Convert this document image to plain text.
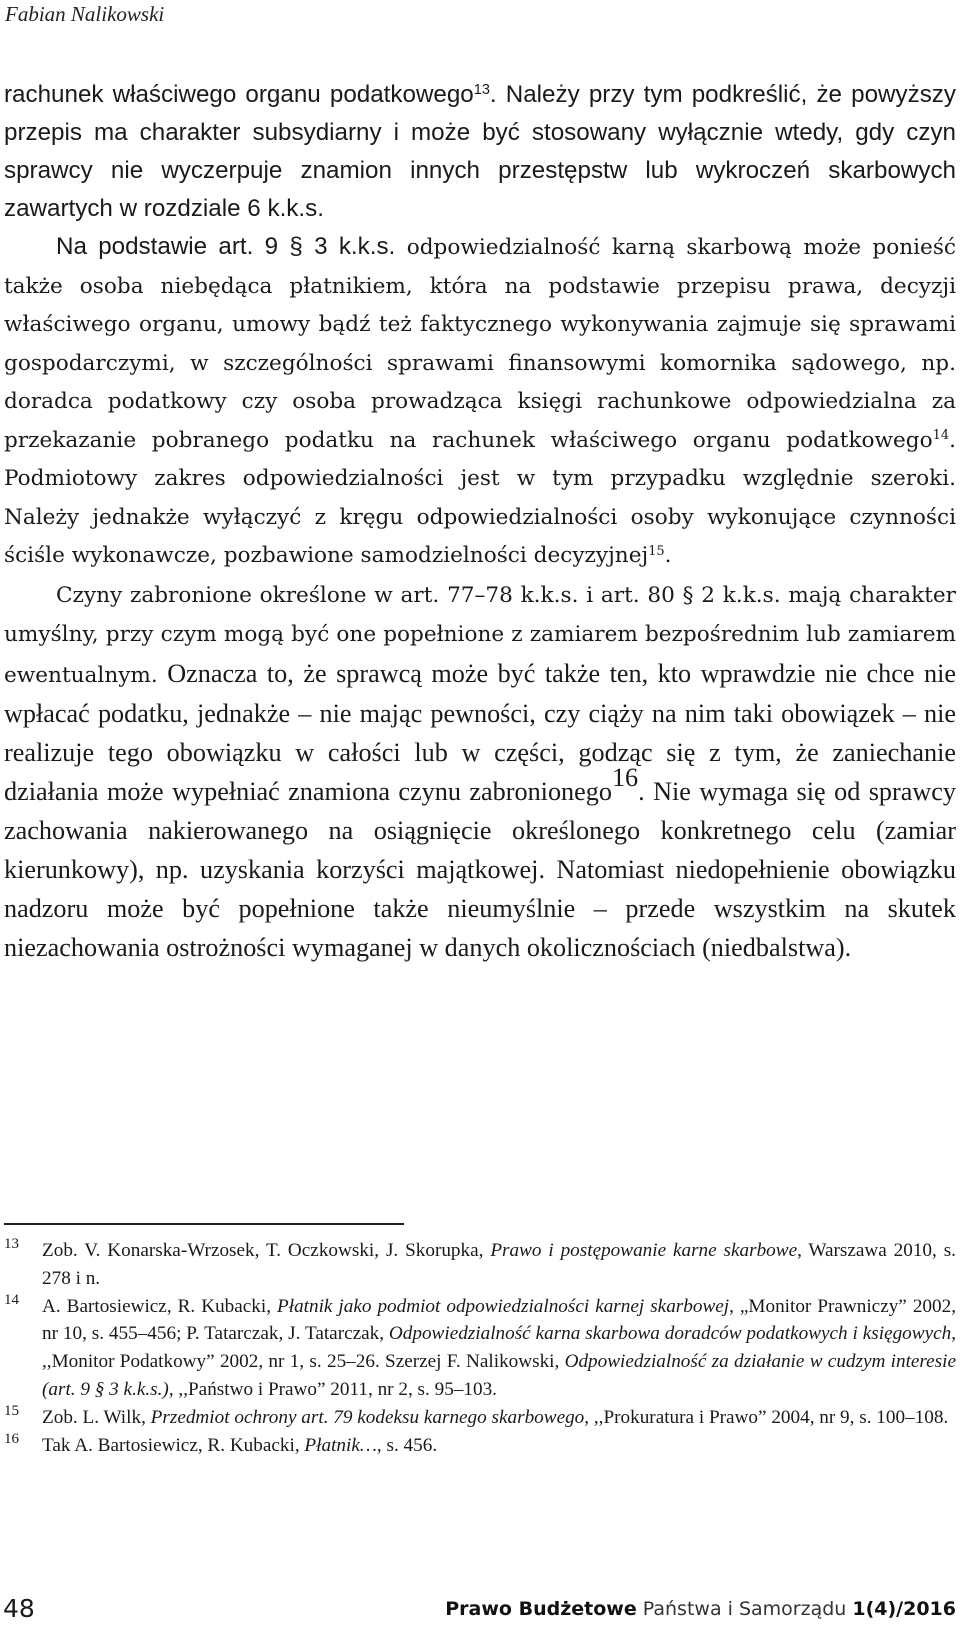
Fabian Nalikowski

rachunek właściwego organu podatkowego$^{13}$. Należy przy tym podkreślić, że powyższy przepis ma charakter subsydiarny i może być stosowany wyłącznie wtedy, gdy czyn sprawcy nie wyczerpuje znamion innych przestępstw lub wykroczeń skarbowych zawartych w rozdziale 6 k.k.s.

Na podstawie art. 9 § 3 k.k.s. odpowiedzialność karną skarbową może ponieść także osoba niebędąca płatnikiem, która na podstawie przepisu prawa, decyzji właściwego organu, umowy bądź też faktycznego wykonywania zajmuje się sprawami gospodarczymi, w szczególności sprawami finansowymi komornika sądowego, np. doradca podatkowy czy osoba prowadząca księgi rachunkowe odpowiedzialna za przekazanie pobranego podatku na rachunek właściwego organu podatkowego$^{14}$. Podmiotowy zakres odpowiedzialności jest w tym przypadku względnie szeroki. Należy jednakże wyłączyć z kręgu odpowiedzialności osoby wykonujące czynności ściśle wykonawcze, pozbawione samodzielności decyzyjnej$^{15}$.

Czyny zabronione określone w art. 77–78 k.k.s. i art. 80 § 2 k.k.s. mają charakter umyślny, przy czym mogą być one popełnione z zamiarem bezpośrednim lub zamiarem ewentualnym. Oznacza to, że sprawcą może być także ten, kto wprawdzie nie chce nie wpłacać podatku, jednakże – nie mając pewności, czy ciąży na nim taki obowiązek – nie realizuje tego obowiązku w całości lub w części, godząc się z tym, że zaniechanie działania może wypełniać znamiona czynu zabronionego$^{16}$. Nie wymaga się od sprawcy zachowania nakierowanego na osiągnięcie określonego konkretnego celu (zamiar kierunkowy), np. uzyskania korzyści majątkowej. Natomiast niedopełnienie obowiązku nadzoru może być popełnione także nieumyślnie – przede wszystkim na skutek niezachowania ostrożności wymaganej w danych okolicznościach (niedbalstwa).

13 Zob. V. Konarska-Wrzosek, T. Oczkowski, J. Skorupka, Prawo i postępowanie karne skarbowe, Warszawa 2010, s. 278 i n.

14 A. Bartosiewicz, R. Kubacki, Płatnik jako podmiot odpowiedzialności karnej skarbowej, „Monitor Prawniczy” 2002, nr 10, s. 455–456; P. Tatarczak, J. Tatarczak, Odpowiedzialność karna skarbowa doradców podatkowych i księgowych, ,,Monitor Podatkowy” 2002, nr 1, s. 25–26. Szerzej F. Nalikowski, Odpowiedzialność za działanie w cudzym interesie (art. 9 § 3 k.k.s.), ,,Państwo i Prawo” 2011, nr 2, s. 95–103.

15 Zob. L. Wilk, Przedmiot ochrony art. 79 kodeksu karnego skarbowego, ,,Prokuratura i Prawo” 2004, nr 9, s. 100–108.

16 Tak A. Bartosiewicz, R. Kubacki, Płatnik…, s. 456.

48	Prawo Budżetowe Państwa i Samorządu 1(4)/2016
